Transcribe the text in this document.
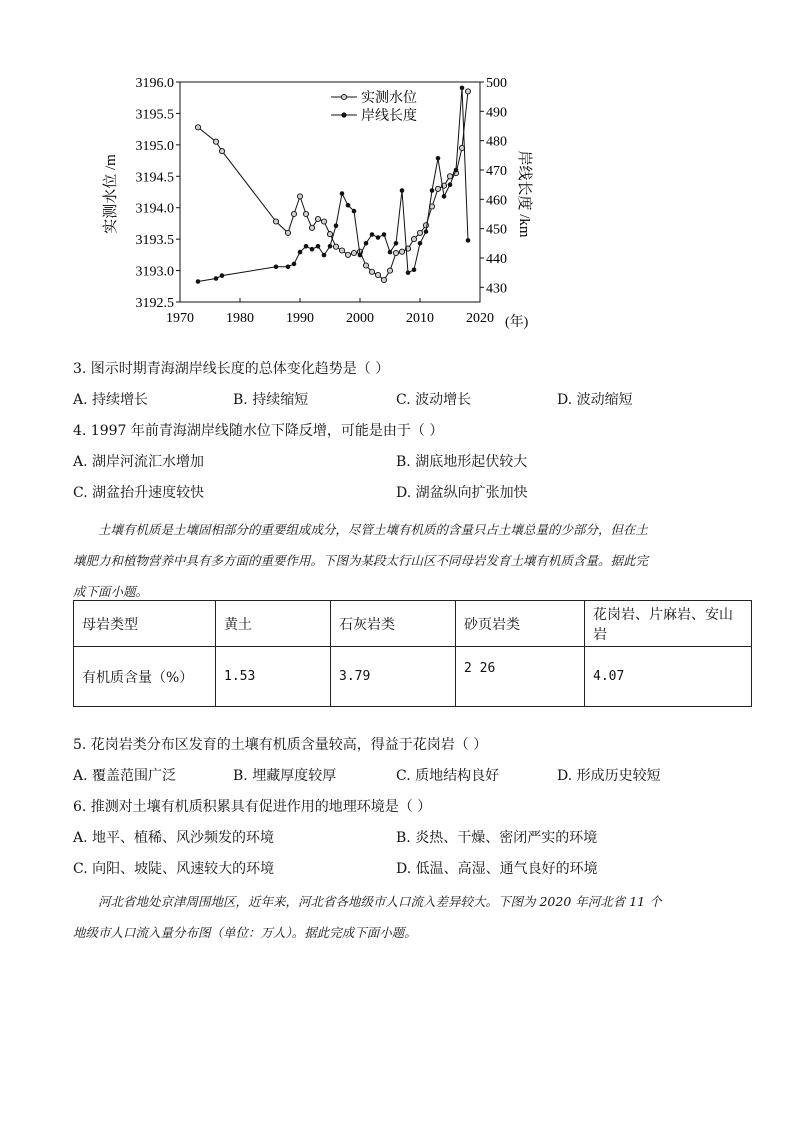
3196.0
3195.5
3195.0
3194.5
3194.0
3193.5
3193.0
3192.5
500
490
480
470
460
450
440
430
1970 1980 1990 2000 2010 2020
实测水位 /m	岸线长度 /km
(年)
实测水位
岸线长度
3. 图示时期青海湖岸线长度的总体变化趋势是（ ）
A. 持续增长	B. 持续缩短	C. 波动增长	D. 波动缩短
4. 1997 年前青海湖岸线随水位下降反增，可能是由于（ ）
A. 湖岸河流汇水增加	B. 湖底地形起伏较大
C. 湖盆抬升速度较快	D. 湖盆纵向扩张加快
土壤有机质是土壤固相部分的重要组成成分，尽管土壤有机质的含量只占土壤总量的少部分，但在土
壤肥力和植物营养中具有多方面的重要作用。下图为某段太行山区不同母岩发育土壤有机质含量。据此完
成下面小题。
母岩类型	黄土	石灰岩类	砂页岩类	花岗岩、片麻岩、安山岩
有机质含量（%）	1.53	3.79	2 26	4.07
5. 花岗岩类分布区发育的土壤有机质含量较高，得益于花岗岩（ ）
A. 覆盖范围广泛	B. 埋藏厚度较厚	C. 质地结构良好	D. 形成历史较短
6. 推测对土壤有机质积累具有促进作用的地理环境是（ ）
A. 地平、植稀、风沙频发的环境	B. 炎热、干燥、密闭严实的环境
C. 向阳、坡陡、风速较大的环境	D. 低温、高湿、通气良好的环境
河北省地处京津周围地区，近年来，河北省各地级市人口流入差异较大。下图为 2020 年河北省 11 个
地级市人口流入量分布图（单位：万人）。据此完成下面小题。
